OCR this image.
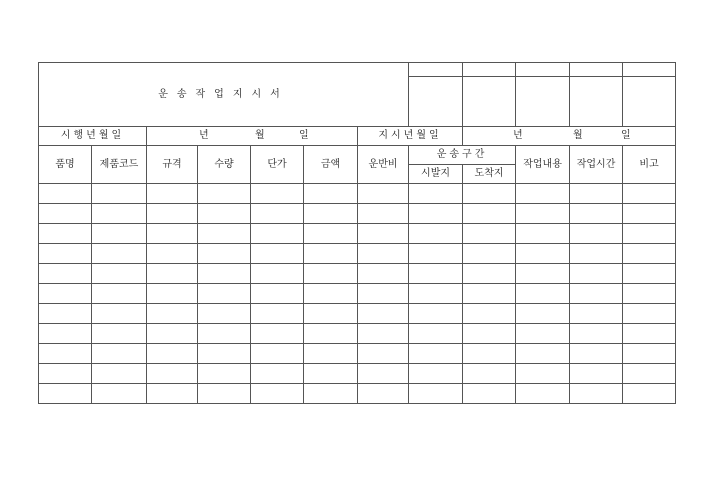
운송작업지시서											

시행년월일		년 월 일				지시년월일		년 월 일			

품명	제품코드	규격	수량	단가	금액	운반비	운송구간		작업내용	작업시간	비고
							시발지	도착지			
